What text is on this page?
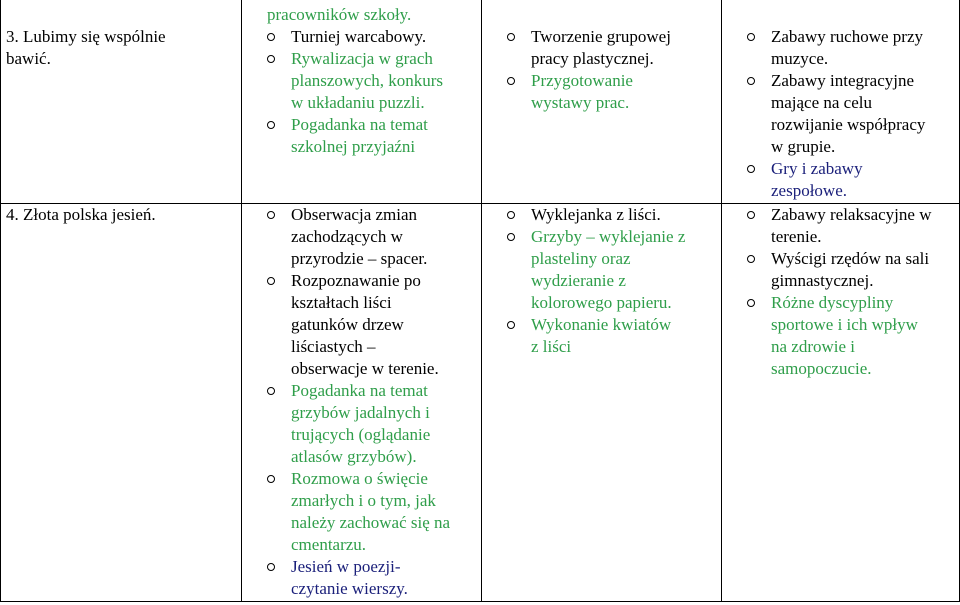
3. Lubimy się wspólnie
bawić.
pracowników szkoły.
Turniej warcabowy.
Rywalizacja w grach
planszowych, konkurs
w układaniu puzzli.
Pogadanka na temat
szkolnej przyjaźni
Tworzenie grupowej
pracy plastycznej.
Przygotowanie
wystawy prac.
Zabawy ruchowe przy
muzyce.
Zabawy integracyjne
mające na celu
rozwijanie współpracy
w grupie.
Gry i zabawy
zespołowe.
4. Złota polska jesień.	Obserwacja zmian
zachodzących w
przyrodzie – spacer.
Rozpoznawanie po
kształtach liści
gatunków drzew
liściastych –
obserwacje w terenie.
Pogadanka na temat
grzybów jadalnych i
trujących (oglądanie
atlasów grzybów).
Rozmowa o święcie
zmarłych i o tym, jak
należy zachować się na
cmentarzu.
Jesień w poezji-
czytanie wierszy.
Wyklejanka z liści.
Grzyby – wyklejanie z
plasteliny oraz
wydzieranie z
kolorowego papieru.
Wykonanie kwiatów
z liści
Zabawy relaksacyjne w
terenie.
Wyścigi rzędów na sali
gimnastycznej.
Różne dyscypliny
sportowe i ich wpływ
na zdrowie i
samopoczucie.
